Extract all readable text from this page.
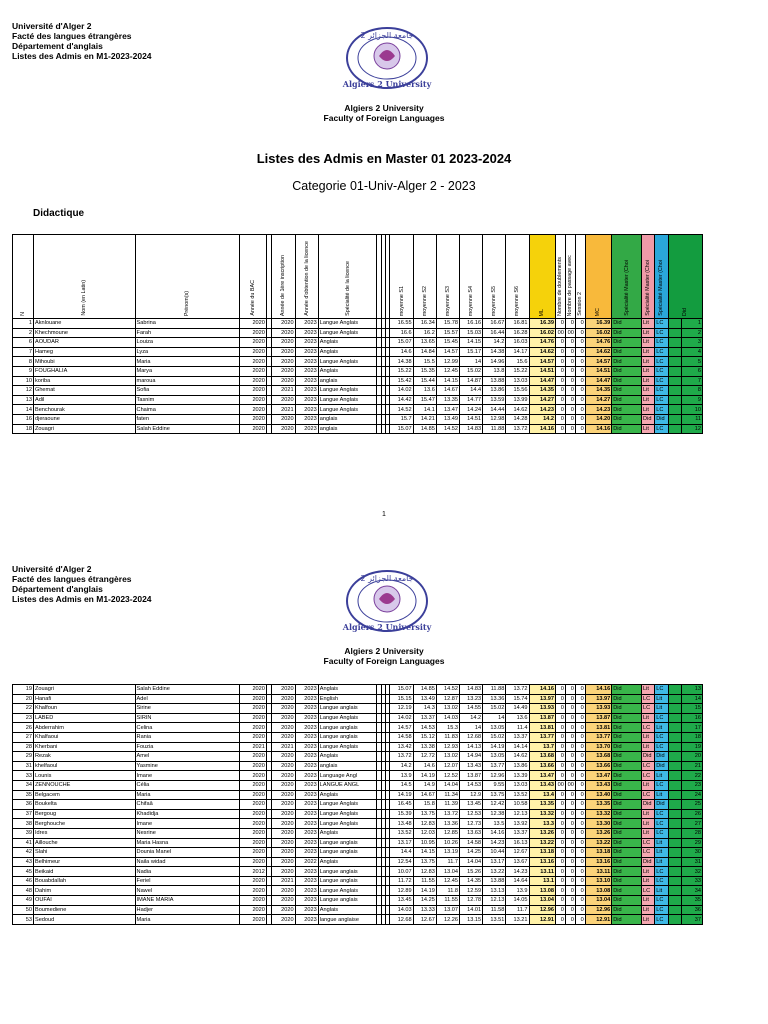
Université d'Alger 2
Facté des langues étrangères
Département d'anglais
Listes des Admis en M1-2023-2024
جامعة الجزائر 2
Algiers 2 University
Algiers 2 University
Faculty of Foreign Languages
Listes des Admis en Master 01 2023-2024
Categorie 01-Univ-Alger 2 - 2023
Didactique
N	Nom (en Latin)	Prénom(s)	Année du BAC		Année de 1ère inscription	Année d'obtention de la licence	Spécialité de la licence				moyenne S1	moyenne S2	moyenne S3	moyenne S4	moyenne S5	moyenne S6	ML	Nombre de doublements	Nombre de passage avec	Session 2	MC	Spécialité Master (Choi	Spécialité Master (Choi	Spécialité Master (Choi	Did	
1	Aknlouane	Sabrina	2020		2020	2023	Langue Anglais				16.55	16.34	15.78	16.16	16.67	16.81	16.39	0	0	0	16.39	Did	Lit	LC		1
2	Khechmoune	Farah	2020		2020	2023	Langue Anglais				16.6	16.2	15.57	15.03	16.44	16.28	16.02	00	00	0	16.02	Did	Lit	LC		2
6	AOUDAR	Louiza	2020		2020	2023	Anglais				15.07	13.65	15.45	14.15	14.2	16.03	14.76	0	0	0	14.76	Did	Lit	LC		3
7	Hameg	Lyza	2020		2020	2023	Anglais				14.6	14.84	14.57	15.17	14.38	14.17	14.62	0	0	0	14.62	Did	Lit	LC		4
8	Mihoubi	Maria	2020		2020	2023	Langue Anglais				14.38	15.5	12.99	14	14.96	15.6	14.57	0	0	0	14.57	Did	Lit	LC		5
9	FOUGHALIA	Marya	2020		2020	2023	Anglais				15.22	15.35	12.45	15.02	13.8	15.22	14.51	0	0	0	14.51	Did	Lit	LC		6
10	koriba	maroua	2020		2020	2023	anglais				15.42	15.44	14.15	14.87	13.88	13.03	14.47	0	0	0	14.47	Did	Lit	LC		7
12	Ghemat	Sofia	2020		2021	2023	Langue Anglais				14.02	13.6	14.67	14.4	13.86	15.56	14.35	0	0	0	14.35	Did	Lit	LC		8
13	Adil	Tasnim	2020		2020	2023	Langue Anglais				14.42	15.47	13.35	14.77	13.59	13.99	14.27	0	0	0	14.27	Did	Lit	LC		9
14	Benchourak	Chaima	2020		2021	2023	Langue Anglais				14.52	14.1	13.47	14.24	14.44	14.62	14.23	0	0	0	14.23	Did	Lit	LC		10
16	djeraoune	faten	2020		2020	2023	anglais				15.7	14.21	13.49	14.51	12.98	14.28	14.2	0	0	0	14.20	Did	Did	Did		11
18	Zouagri	Salah Eddine	2020		2020	2023	anglais				15.07	14.85	14.52	14.83	11.88	13.72	14.16	0	0	0	14.16	Did	Lit	LC		12
1
Université d'Alger 2
Facté des langues étrangères
Département d'anglais
Listes des Admis en M1-2023-2024
جامعة الجزائر 2
Algiers 2 University
Algiers 2 University
Faculty of Foreign Languages
19	Zouagri	Salah Eddine	2020		2020	2023	Anglais				15.07	14.85	14.52	14.83	11.88	13.72	14.16	0	0	0	14.16	Did	Lit	LC		13
20	Hanafi	Adel	2020		2020	2023	English				15.15	13.49	12.87	13.23	13.36	15.74	13.97	0	0	0	13.97	Did	LC	Lit		14
22	Khalfoun	Sirine	2020		2020	2023	Langue anglais				12.19	14.3	13.02	14.55	15.02	14.49	13.93	0	0	0	13.93	Did	LC	Lit		15
23	LABED	SIRIN	2020		2020	2023	Langue Anglais				14.02	13.37	14.03	14.2	14	13.6	13.87	0	0	0	13.87	Did	Lit	LC		16
26	Abderrahim	Celina	2020		2020	2023	Langue anglais				14.57	14.53	15.3	14	13.05	11.4	13.81	0	0	0	13.81	Did	LC	Lit		17
27	Khalfaoui	Rania	2020		2020	2023	Langue anglais				14.58	15.12	11.83	12.68	15.02	13.37	13.77	0	0	0	13.77	Did	Lit	LC		18
28	Kherbani	Fouzia	2021		2021	2023	Langue Anglais				13.42	13.38	12.93	14.13	14.19	14.14	13.7	0	0	0	13.70	Did	Lit	LC		19
29	Rezak	Amel	2020		2020	2023	Anglais				13.72	12.72	13.02	14.94	13.05	14.62	13.68	0	0	0	13.68	Did	Did	Did		20
31	khelfaoul	Yasmine	2020		2020	2023	anglais				14.2	14.6	12.07	13.43	13.77	13.86	13.66	0	0	0	13.66	Did	LC	Did		21
33	Lounis	Imane	2020		2020	2023	Language Angl				13.9	14.19	12.52	13.87	12.96	13.39	13.47	0	0	0	13.47	Did	LC	Lit		22
34	ZENNOUCHE	Célia	2020		2020	2023	LANGUE ANGL				14.5	14.9	14.04	14.53	9.55	13.03	13.43	00	00	0	13.43	Did	Lit	LC		23
35	Belgacem	Maria	2020		2020	2023	Anglais				14.19	14.67	11.34	12.9	13.75	13.52	13.4	0	0	0	13.40	Did	LC	Lit		24
36	Boukelta	Chifaâ	2020		2020	2023	Langue Anglais				16.45	15.8	11.39	13.45	12.42	10.58	13.35	0	0	0	13.35	Did	Did	Did		25
37	Bergoug	Khadidja	2020		2020	2023	Langue Anglais				15.39	13.75	13.72	12.53	12.38	12.13	13.32	0	0	0	13.32	Did	Lit	LC		26
38	Berghouche	Imane	2020		2020	2023	Langue Anglais				13.48	12.83	13.36	12.73	13.5	13.92	13.3	0	0	0	13.30	Did	Lit	LC		27
39	Idres	Nesrine	2020		2020	2023	Anglais				13.52	12.03	12.85	13.63	14.16	13.37	13.26	0	0	0	13.26	Did	Lit	LC		28
41	Aillouche	Maria Hasna	2020		2020	2023	Langue anglais				13.17	10.95	10.26	14.58	14.23	16.13	13.22	0	0	0	13.22	Did	LC	Lit		29
42	Slahi	Dounia Manel	2020		2020	2023	Langue anglais				14.4	14.15	13.19	14.25	10.44	12.67	13.18	0	0	0	13.18	Did	LC	Lit		30
43	Belhimeur	Naila widad	2020		2020	2022	Anglais				12.54	13.75	11.7	14.04	13.17	13.67	13.16	0	0	0	13.16	Did	Did	Lit		31
45	Beikaid	Nadia	2012		2020	2023	Langue anglais				10.07	12.83	13.04	15.26	13.22	14.23	13.11	0	0	0	13.11	Did	Lit	LC		32
46	Bouabdallah	Feriel	2020		2021	2023	Langue anglais				11.72	11.55	12.45	14.35	13.88	14.64	13.1	0	0	0	13.10	Did	Lit	LC		33
48	Dahim	Nawel	2020		2020	2023	Langue Anglais				12.89	14.19	11.8	12.59	13.13	13.9	13.08	0	0	0	13.08	Did	LC	Lit		34
49	OUFAI	IMANE MARIA	2020		2020	2023	Langue anglais				13.45	14.25	11.55	12.78	12.13	14.05	13.04	0	0	0	13.04	Did	Lit	LC		35
50	Boumediene	Hadjer	2020		2020	2023	Anglais				14.03	13.33	13.07	14.01	11.58	11.7	12.96	0	0	0	12.96	Did	Lit	LC		36
53	Sedoud	Maria	2020		2020	2023	langue anglaise				12.68	12.67	12.26	13.15	13.51	13.21	12.91	0	0	0	12.91	Did	Lit	LC		37
